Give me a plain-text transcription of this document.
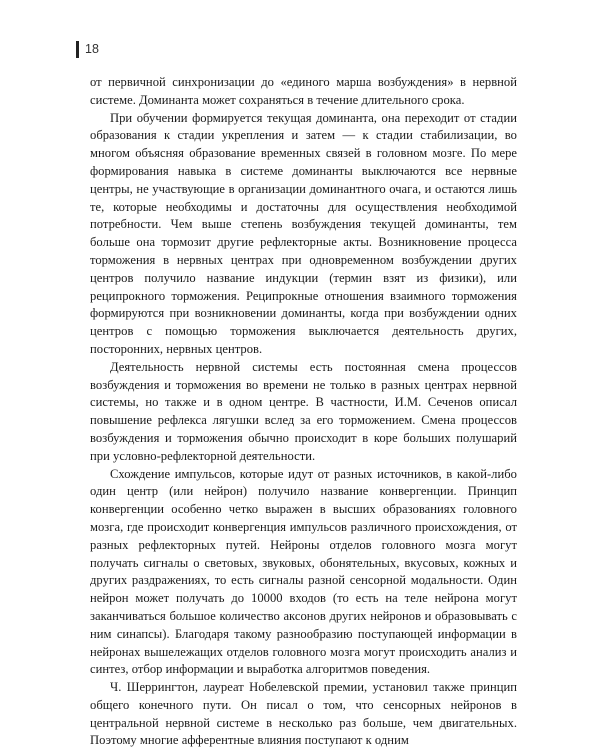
18

от первичной синхронизации до «единого марша возбуждения» в нервной системе. Доминанта может сохраняться в течение длительного срока.

При обучении формируется текущая доминанта, она переходит от стадии образования к стадии укрепления и затем — к стадии стабилизации, во многом объясняя образование временных связей в головном мозге. По мере формирования навыка в системе доминанты выключаются все нервные центры, не участвующие в организации доминантного очага, и остаются лишь те, которые необходимы и достаточны для осуществления необходимой потребности. Чем выше степень возбуждения текущей доминанты, тем больше она тормозит другие рефлекторные акты. Возникновение процесса торможения в нервных центрах при одновременном возбуждении других центров получило название индукции (термин взят из физики), или реципрокного торможения. Реципрокные отношения взаимного торможения формируются при возникновении доминанты, когда при возбуждении одних центров с помощью торможения выключается деятельность других, посторонних, нервных центров.

Деятельность нервной системы есть постоянная смена процессов возбуждения и торможения во времени не только в разных центрах нервной системы, но также и в одном центре. В частности, И.М. Сеченов описал повышение рефлекса лягушки вслед за его торможением. Смена процессов возбуждения и торможения обычно происходит в коре больших полушарий при условно-рефлекторной деятельности.

Схождение импульсов, которые идут от разных источников, в какой-либо один центр (или нейрон) получило название конвергенции. Принцип конвергенции особенно четко выражен в высших образованиях головного мозга, где происходит конвергенция импульсов различного происхождения, от разных рефлекторных путей. Нейроны отделов головного мозга могут получать сигналы о световых, звуковых, обонятельных, вкусовых, кожных и других раздражениях, то есть сигналы разной сенсорной модальности. Один нейрон может получать до 10000 входов (то есть на теле нейрона могут заканчиваться большое количество аксонов других нейронов и образовывать с ним синапсы). Благодаря такому разнообразию поступающей информации в нейронах вышележащих отделов головного мозга могут происходить анализ и синтез, отбор информации и выработка алгоритмов поведения.

Ч. Шеррингтон, лауреат Нобелевской премии, установил также принцип общего конечного пути. Он писал о том, что сенсорных нейронов в центральной нервной системе в несколько раз больше, чем двигательных. Поэтому многие афферентные влияния поступают к одним
